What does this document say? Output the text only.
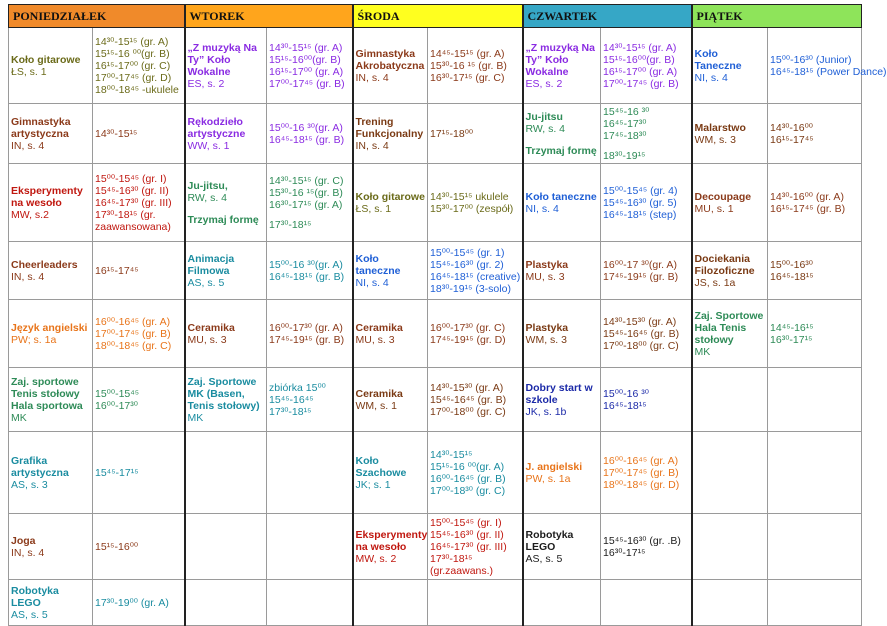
PONIEDZIAŁEK		WTOREK		ŚRODA		CZWARTEK		PIĄTEK	

Koło gitarowe
ŁS, s. 1	14³⁰-15¹⁵ (gr. A)
15¹⁵-16 ⁰⁰(gr. B)
16¹⁵-17⁰⁰ (gr. C)
17⁰⁰-17⁴⁵ (gr. D)
18⁰⁰-18⁴⁵ -ukulele	„Z muzyką Na Ty” Koło Wokalne
ES, s. 2	14³⁰-15¹⁵ (gr. A)
15¹⁵-16⁰⁰(gr. B)
16¹⁵-17⁰⁰ (gr. A)
17⁰⁰-17⁴⁵ (gr. B)	Gimnastyka Akrobatyczna
IN, s. 4	14⁴⁵-15¹⁵ (gr. A)
15³⁰-16 ¹⁵ (gr. B)
16³⁰-17¹⁵ (gr. C)	„Z muzyką Na Ty” Koło Wokalne
ES, s. 2	14³⁰-15¹⁵ (gr. A)
15¹⁵-16⁰⁰(gr. B)
16¹⁵-17⁰⁰ (gr. A)
17⁰⁰-17⁴⁵ (gr. B)	Koło Taneczne
NI, s. 4	15⁰⁰-16³⁰ (Junior)
16⁴⁵-18¹⁵ (Power Dance)

Gimnastyka artystyczna
IN, s. 4	14³⁰-15¹⁵	Rękodzieło artystyczne
WW, s. 1	15⁰⁰-16 ³⁰(gr. A)
16⁴⁵-18¹⁵ (gr. B)	Trening Funkcjonalny
IN, s. 4	17¹⁵-18⁰⁰	Ju-jitsu
RW, s. 4
Trzymaj formę	15⁴⁵-16 ³⁰
16⁴⁵-17³⁰
17⁴⁵-18³⁰
18³⁰-19¹⁵	Malarstwo
WM, s. 3	14³⁰-16⁰⁰
16¹⁵-17⁴⁵

Eksperymenty na wesoło
MW, s.2	15⁰⁰-15⁴⁵ (gr. I)
15⁴⁵-16³⁰ (gr. II)
16⁴⁵-17³⁰ (gr. III)
17³⁰-18¹⁵ (gr.
zaawansowana)	Ju-jitsu,
RW, s. 4
Trzymaj formę	14³⁰-15¹⁵ (gr. C)
15³⁰-16 ¹⁵(gr. B)
16³⁰-17¹⁵ (gr. A)
17³⁰-18¹⁵	Koło gitarowe
ŁS, s. 1	14³⁰-15¹⁵ ukulele
15³⁰-17⁰⁰ (zespół)	Koło taneczne
NI, s. 4	15⁰⁰-15⁴⁵ (gr. 4)
15⁴⁵-16³⁰ (gr. 5)
16⁴⁵-18¹⁵ (step)	Decoupage
MU, s. 1	14³⁰-16⁰⁰ (gr. A)
16¹⁵-17⁴⁵ (gr. B)

Cheerleaders
IN, s. 4	16¹⁵-17⁴⁵	Animacja Filmowa
AS, s. 5	15⁰⁰-16 ³⁰(gr. A)
16⁴⁵-18¹⁵ (gr. B)	Koło taneczne
NI, s. 4	15⁰⁰-15⁴⁵ (gr. 1)
15⁴⁵-16³⁰ (gr. 2)
16⁴⁵-18¹⁵ (creative)
18³⁰-19¹⁵ (3-solo)	Plastyka
MU, s. 3	16⁰⁰-17 ³⁰(gr. A)
17⁴⁵-19¹⁵ (gr. B)	Dociekania Filozoficzne
JS, s. 1a	15⁰⁰-16³⁰
16⁴⁵-18¹⁵

Język angielski
PW; s. 1a	16⁰⁰-16⁴⁵ (gr. A)
17⁰⁰-17⁴⁵ (gr. B)
18⁰⁰-18⁴⁵ (gr. C)	Ceramika
MU, s. 3	16⁰⁰-17³⁰ (gr. A)
17⁴⁵-19¹⁵ (gr. B)	Ceramika
MU, s. 3	16⁰⁰-17³⁰ (gr. C)
17⁴⁵-19¹⁵ (gr. D)	Plastyka
WM, s. 3	14³⁰-15³⁰ (gr. A)
15⁴⁵-16⁴⁵ (gr. B)
17⁰⁰-18⁰⁰ (gr. C)	Zaj. Sportowe Hala Tenis stołowy
MK	14⁴⁵-16¹⁵
16³⁰-17¹⁵

Zaj. sportowe Tenis stołowy Hala sportowa
MK	15⁰⁰-15⁴⁵
16⁰⁰-17³⁰	Zaj. Sportowe MK (Basen, Tenis stołowy)
MK	zbiórka 15⁰⁰
15⁴⁵-16⁴⁵
17³⁰-18¹⁵	Ceramika
WM, s. 1	14³⁰-15³⁰ (gr. A)
15⁴⁵-16⁴⁵ (gr. B)
17⁰⁰-18⁰⁰ (gr. C)	Dobry start w szkole
JK, s. 1b	15⁰⁰-16 ³⁰
16⁴⁵-18¹⁵		

Grafika artystyczna
AS, s. 3	15⁴⁵-17¹⁵			Koło Szachowe
JK; s. 1	14³⁰-15¹⁵
15¹⁵-16 ⁰⁰(gr. A)
16⁰⁰-16⁴⁵ (gr. B)
17⁰⁰-18³⁰ (gr. C)	J. angielski
PW, s. 1a	16⁰⁰-16⁴⁵ (gr. A)
17⁰⁰-17⁴⁵ (gr. B)
18⁰⁰-18⁴⁵ (gr. D)		

Joga
IN, s. 4	15¹⁵-16⁰⁰			Eksperymenty na wesoło
MW, s. 2	15⁰⁰-15⁴⁵ (gr. I)
15⁴⁵-16³⁰ (gr. II)
16⁴⁵-17³⁰ (gr. III)
17³⁰-18¹⁵
(gr.zaawans.)	Robotyka LEGO
AS, s. 5	15⁴⁵-16³⁰ (gr. .B)
16³⁰-17¹⁵		

Robotyka LEGO
AS, s. 5	17³⁰-19⁰⁰ (gr. A)								
